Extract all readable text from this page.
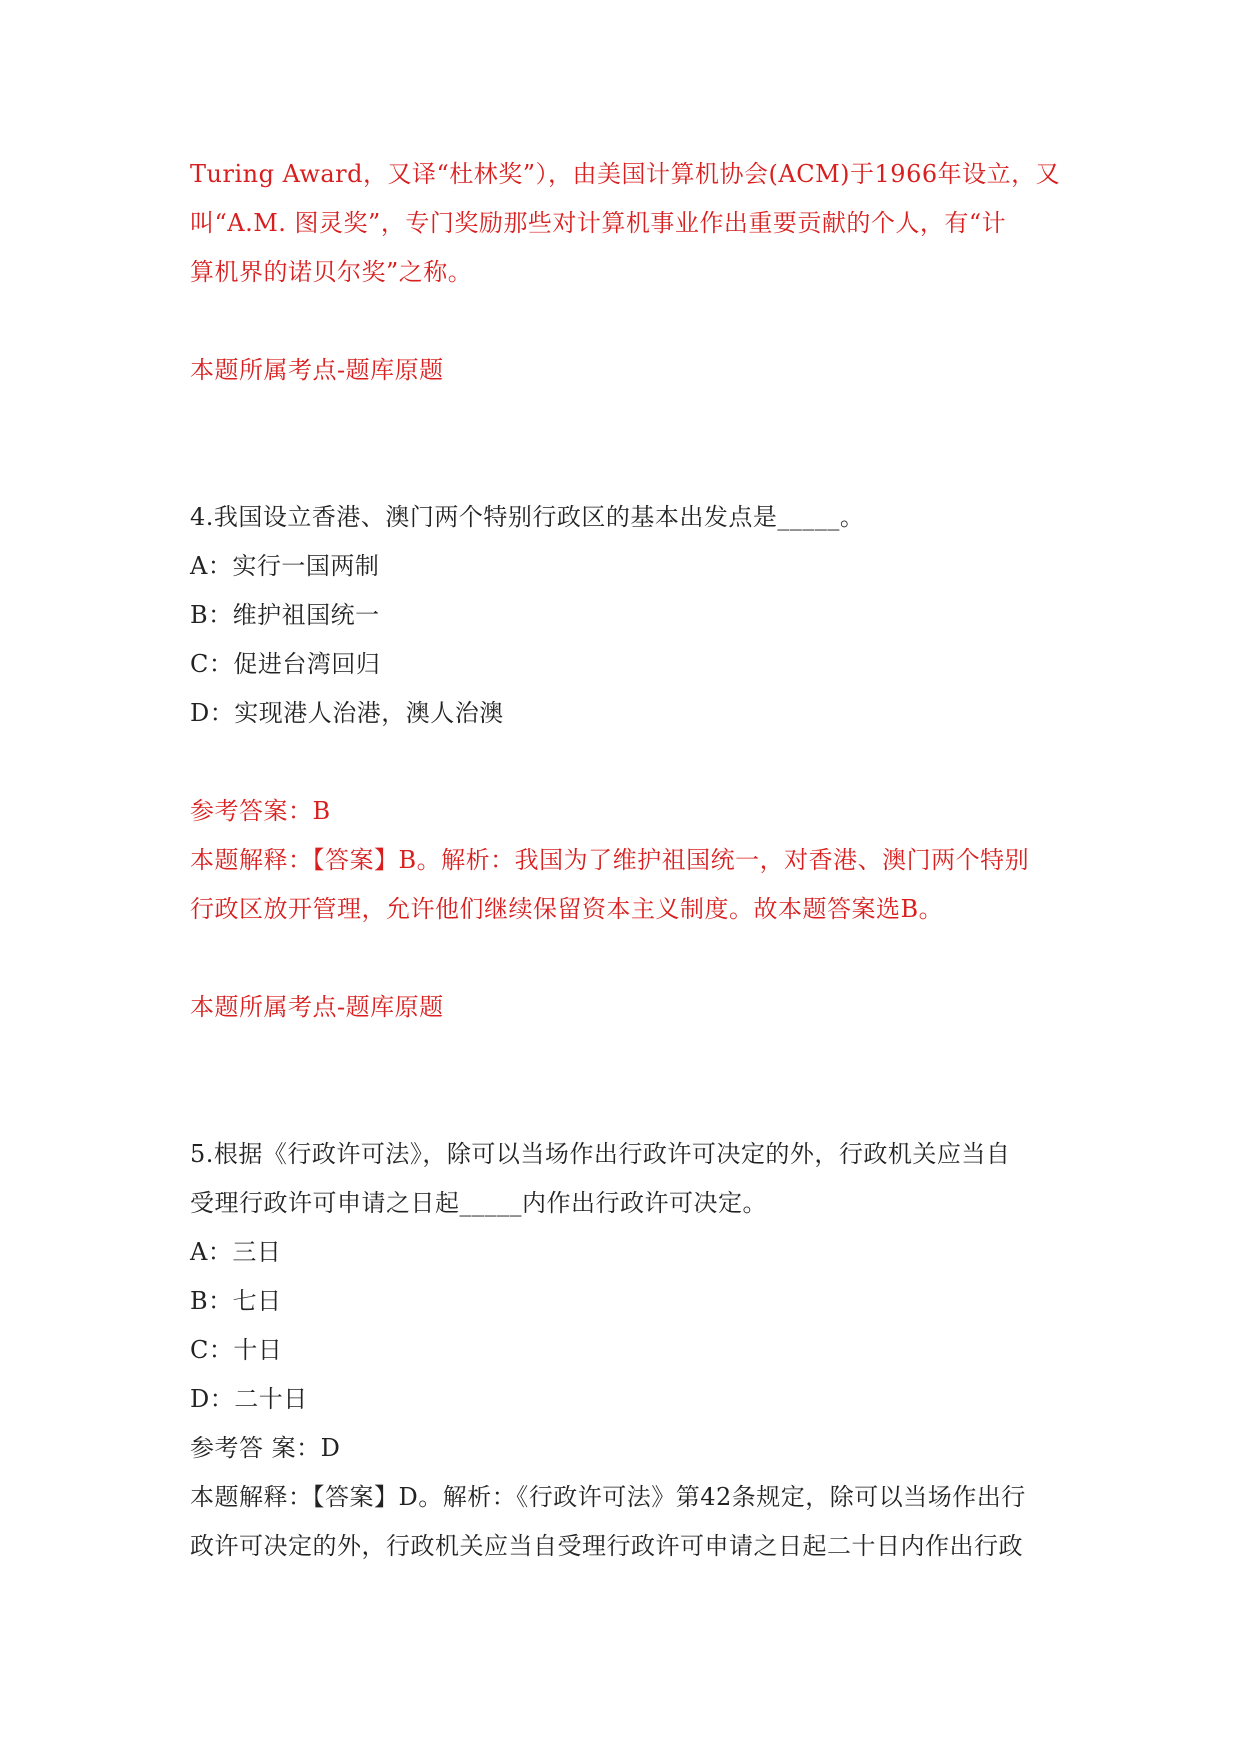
Turing Award，又译“杜林奖”），由美国计算机协会(ACM)于1966年设立，又
叫“A.M. 图灵奖”，专门奖励那些对计算机事业作出重要贡献的个人，有“计
算机界的诺贝尔奖”之称。
本题所属考点-题库原题
4.我国设立香港、澳门两个特别行政区的基本出发点是_____。
A：实行一国两制
B：维护祖国统一
C：促进台湾回归
D：实现港人治港，澳人治澳
参考答案：B
本题解释：【答案】B。解析：我国为了维护祖国统一，对香港、澳门两个特别
行政区放开管理，允许他们继续保留资本主义制度。故本题答案选B。
本题所属考点-题库原题
5.根据《行政许可法》，除可以当场作出行政许可决定的外，行政机关应当自
受理行政许可申请之日起_____内作出行政许可决定。
A：三日
B：七日
C：十日
D：二十日
参考答 案：D
本题解释：【答案】D。解析：《行政许可法》第42条规定，除可以当场作出行
政许可决定的外，行政机关应当自受理行政许可申请之日起二十日内作出行政
